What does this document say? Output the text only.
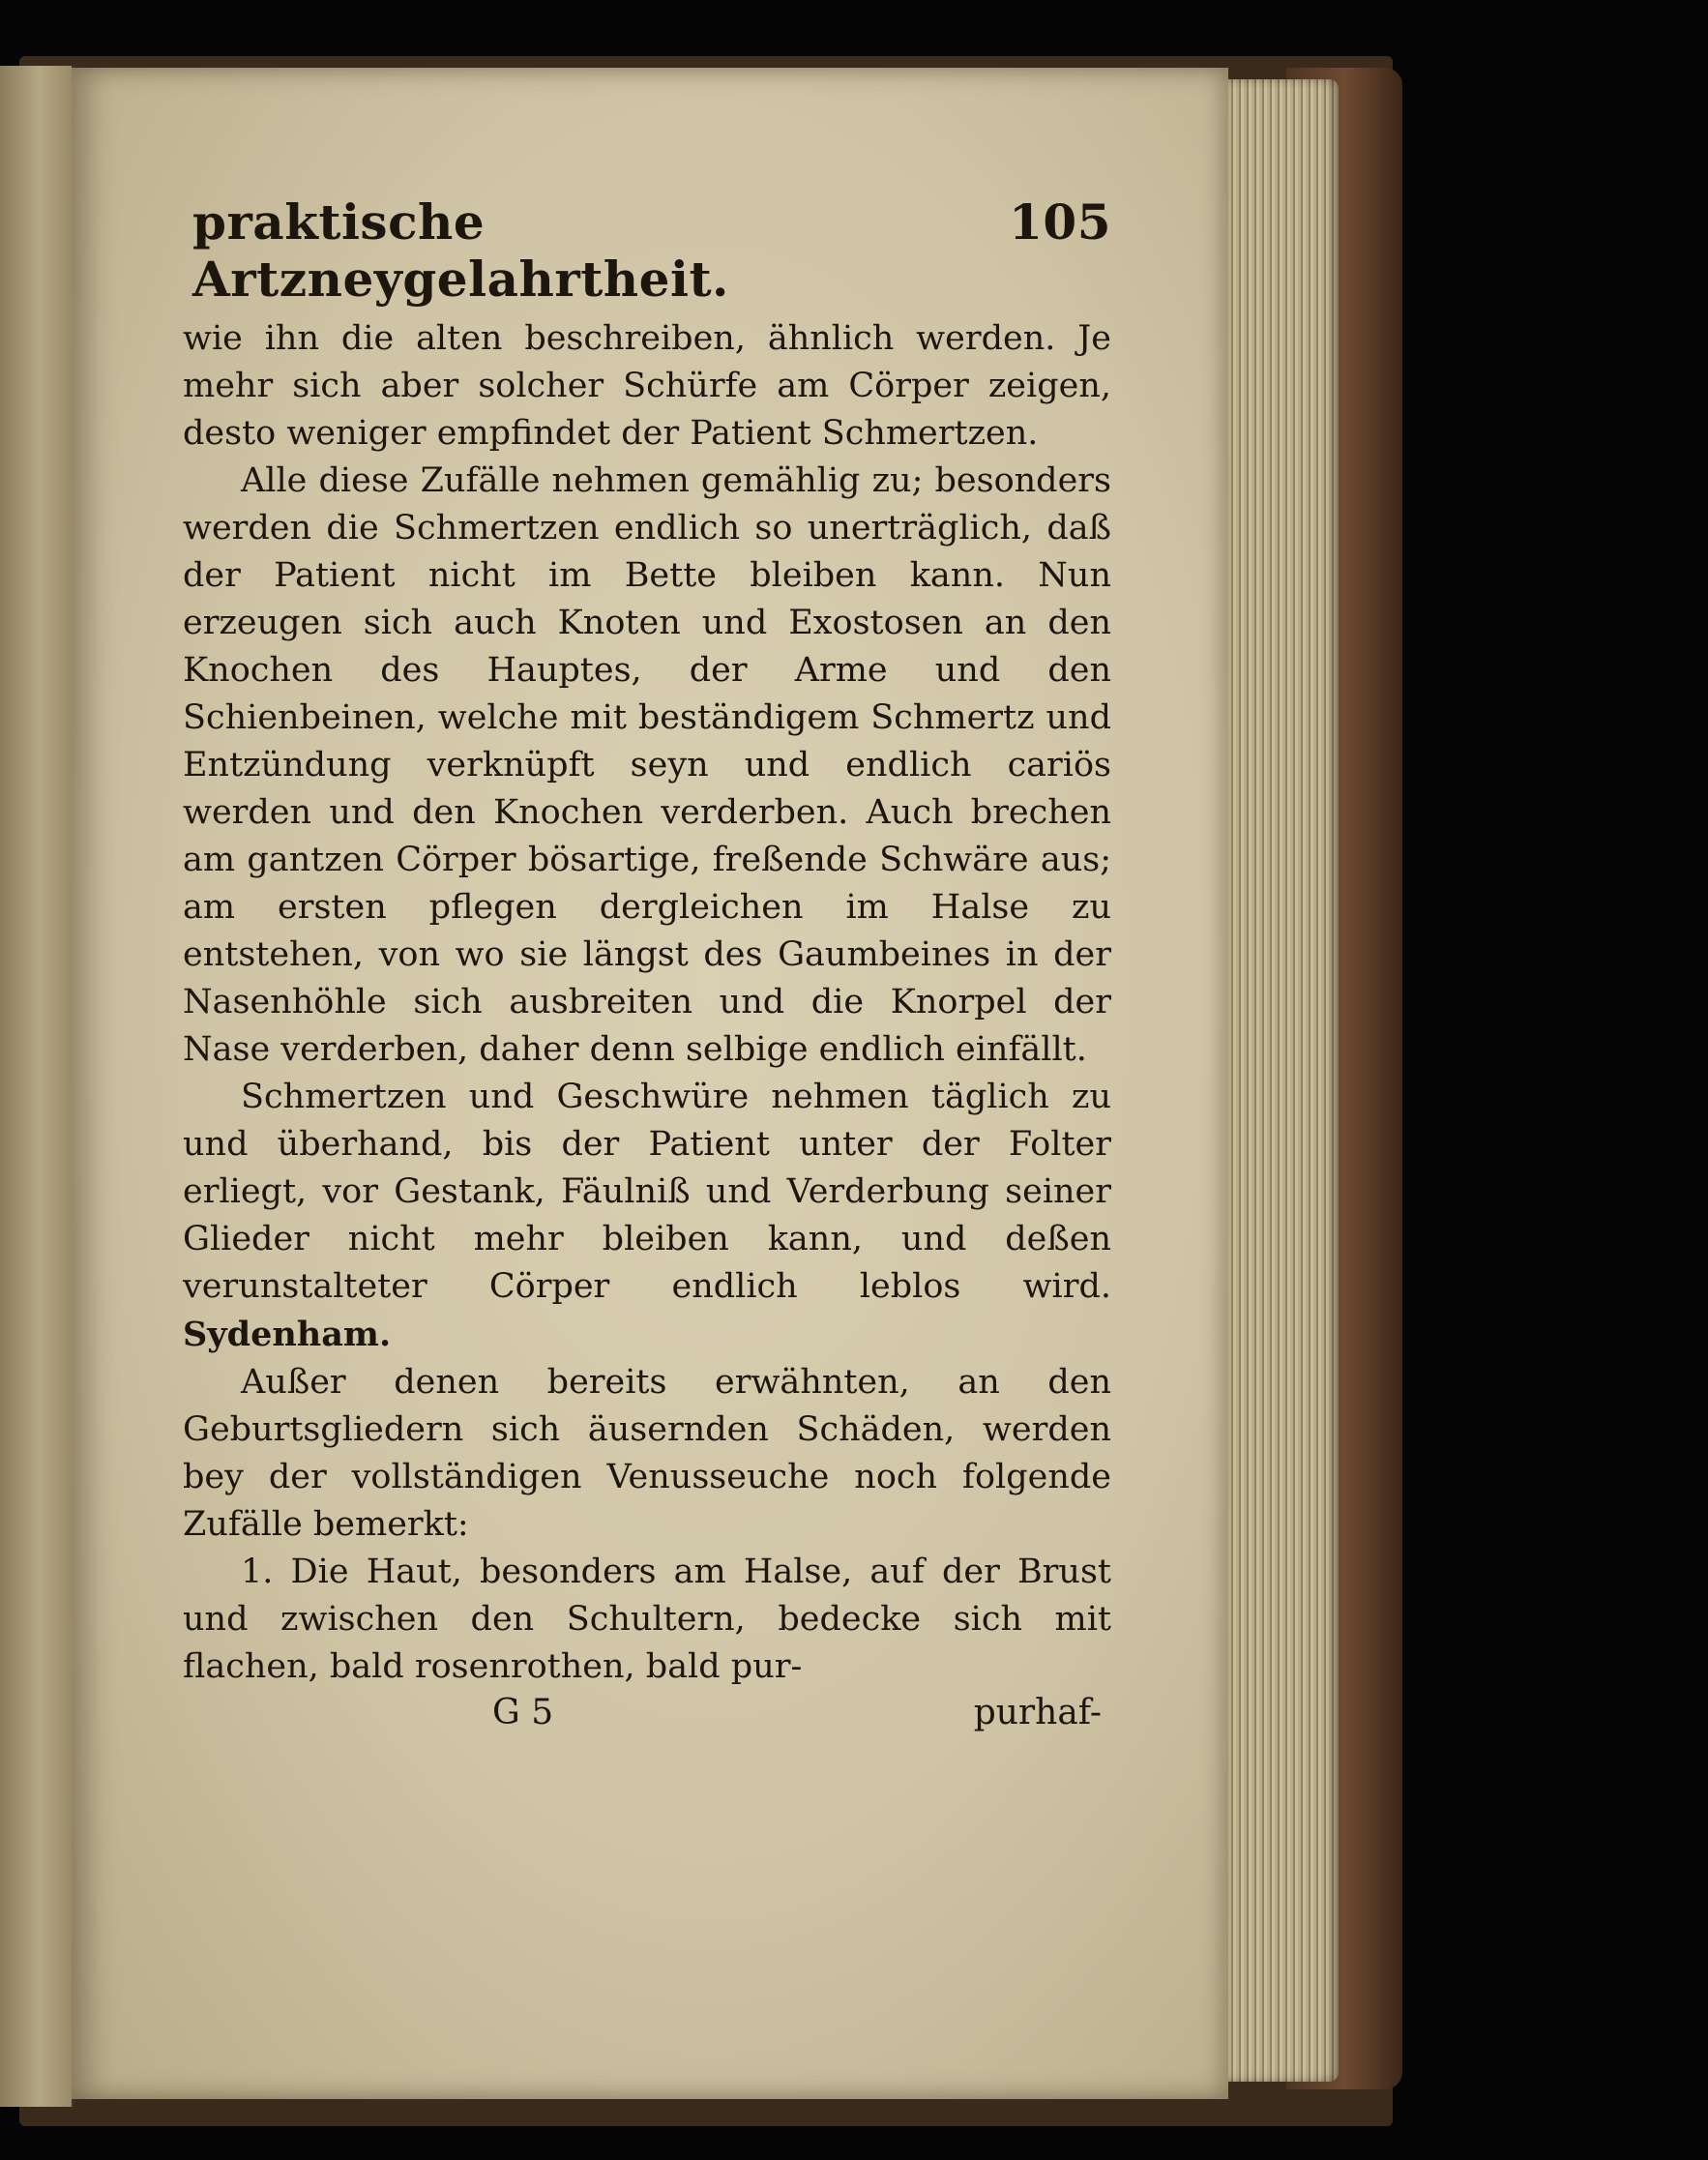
praktische Artzneygelahrtheit.
105

wie ihn die alten beschreiben, ähnlich werden. Je mehr sich aber solcher Schürfe am Cörper zeigen, desto weniger empfindet der Patient Schmertzen.

Alle diese Zufälle nehmen gemählig zu; besonders werden die Schmertzen endlich so unerträglich, daß der Patient nicht im Bette bleiben kann. Nun erzeugen sich auch Knoten und Exostosen an den Knochen des Hauptes, der Arme und den Schienbeinen, welche mit beständigem Schmertz und Entzündung verknüpft seyn und endlich cariös werden und den Knochen verderben. Auch brechen am gantzen Cörper bösartige, freßende Schwäre aus; am ersten pflegen dergleichen im Halse zu entstehen, von wo sie längst des Gaumbeines in der Nasenhöhle sich ausbreiten und die Knorpel der Nase verderben, daher denn selbige endlich einfällt.

Schmertzen und Geschwüre nehmen täglich zu und überhand, bis der Patient unter der Folter erliegt, vor Gestank, Fäulniß und Verderbung seiner Glieder nicht mehr bleiben kann, und deßen verunstalteter Cörper endlich leblos wird. Sydenham.

Außer denen bereits erwähnten, an den Geburtsgliedern sich äusernden Schäden, werden bey der vollständigen Venusseuche noch folgende Zufälle bemerkt:

1. Die Haut, besonders am Halse, auf der Brust und zwischen den Schultern, bedecke sich mit flachen, bald rosenrothen, bald pur-

G 5	purhaf-
